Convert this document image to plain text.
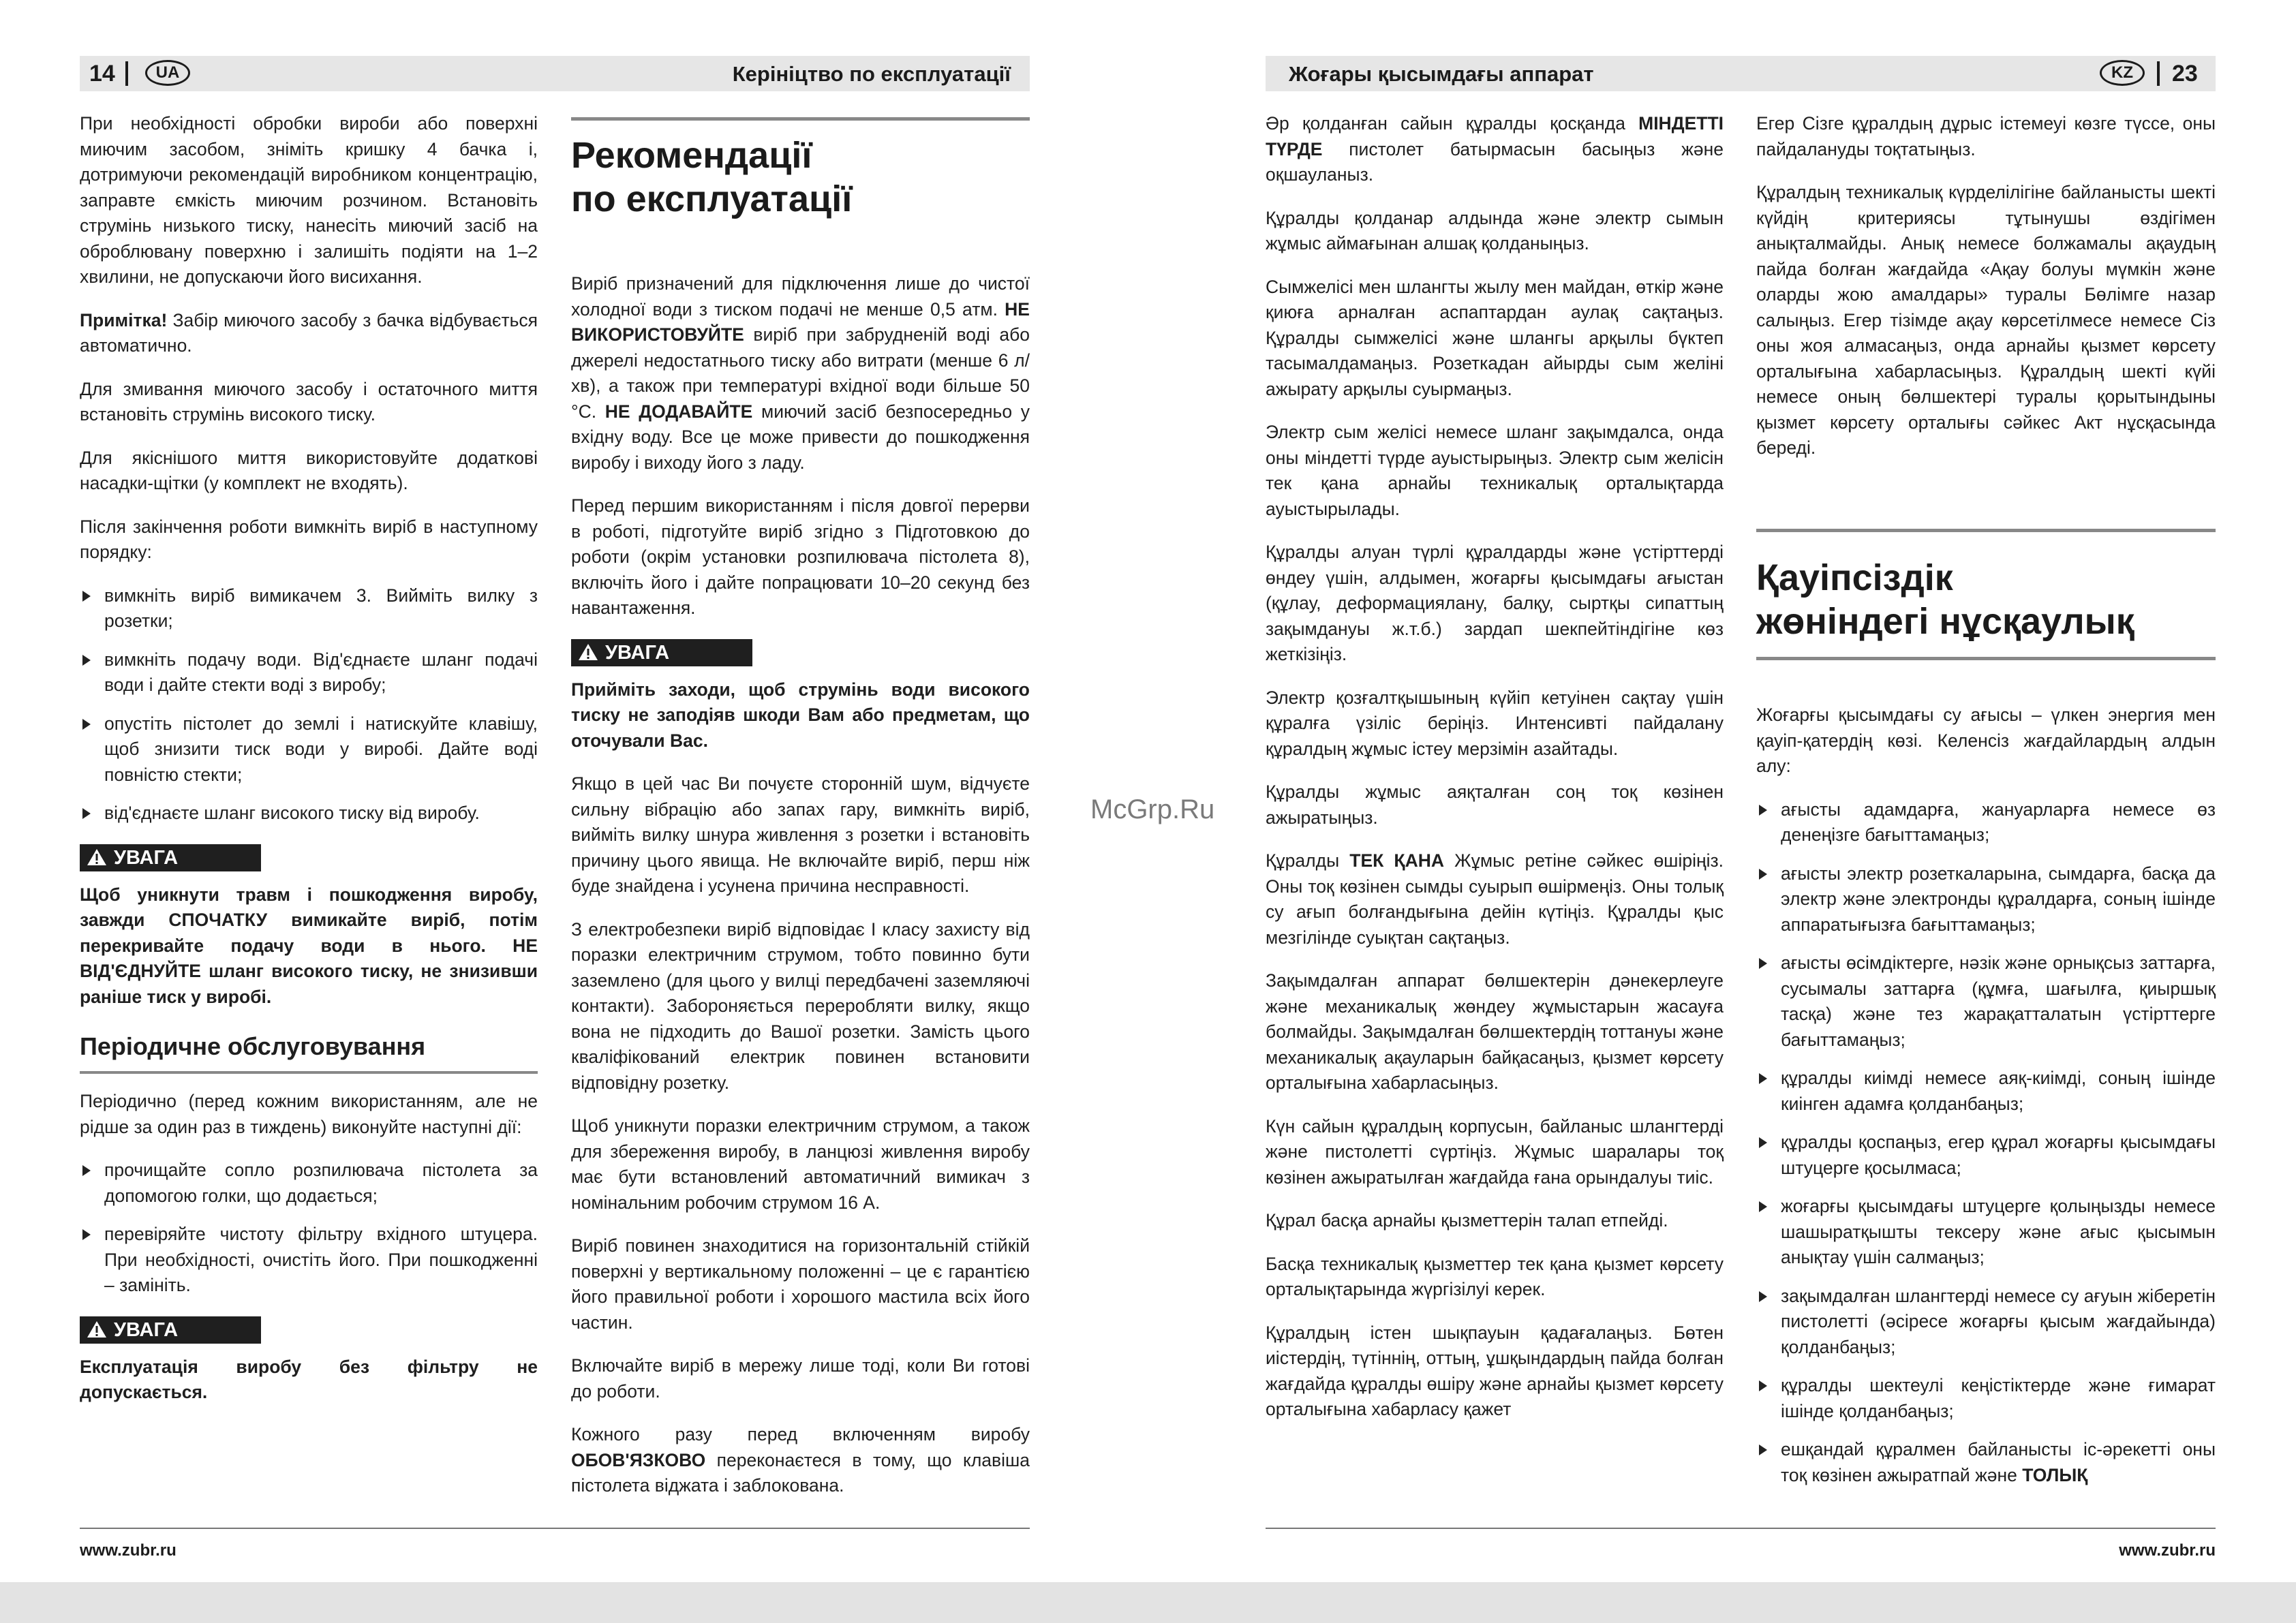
14	UA	Керініцтво по експлуатації

При необхідності обробки вироби або поверхні миючим засобом, зніміть кришку 4 бачка і, дотримуючи рекомендацій виробником концентрацію, заправте ємкість миючим розчином. Встановіть струмінь низького тиску, нанесіть миючий засіб на оброблювану поверхню і залишіть подіяти на 1–2 хвилини, не допускаючи його висихання.

Примітка! Забір миючого засобу з бачка відбувається автоматично.

Для змивання миючого засобу і остаточного миття встановіть струмінь високого тиску.

Для якіснішого миття використовуйте додаткові насадки-щітки (у комплект не входять).

Після закінчення роботи вимкніть виріб в наступному порядку:

вимкніть виріб вимикачем 3. Вийміть вилку з розетки;
вимкніть подачу води. Від'єднаєте шланг подачі води і дайте стекти воді з виробу;
опустіть пістолет до землі і натискуйте клавішу, щоб знизити тиск води у виробі. Дайте воді повністю стекти;
від'єднаєте шланг високого тиску від виробу.
УВАГА

Щоб уникнути травм і пошкодження виробу, завжди СПОЧАТКУ вимикайте виріб, потім перекривайте подачу води в нього. НЕ ВІД'ЄДНУЙТЕ шланг високого тиску, не знизивши раніше тиск у виробі.

Періодичне обслуговування

Періодично (перед кожним використанням, але не рідше за один раз в тиждень) виконуйте наступні дії:

прочищайте сопло розпилювача пістолета за допомогою голки, що додається;
перевіряйте чистоту фільтру вхідного штуцера. При необхідності, очистіть його. При пошкодженні – замініть.
УВАГА

Експлуатація виробу без фільтру не допускається.

Рекомендації
по експлуатації

Виріб призначений для підключення лише до чистої холодної води з тиском подачі не менше 0,5 атм. НЕ ВИКОРИСТОВУЙТЕ виріб при забрудненій воді або джерелі недостатнього тиску або витрати (менше 6 л/хв), а також при температурі вхідної води більше 50 °С. НЕ ДОДАВАЙТЕ миючий засіб безпосередньо у вхідну воду. Все це може привести до пошкодження виробу і виходу його з ладу.

Перед першим використанням і після довгої перерви в роботі, підготуйте виріб згідно з Підготовкою до роботи (окрім установки розпилювача пістолета 8), включіть його і дайте попрацювати 10–20 секунд без навантаження.

УВАГА

Прийміть заходи, щоб струмінь води високого тиску не заподіяв шкоди Вам або предметам, що оточували Вас.

Якщо в цей час Ви почуєте сторонній шум, відчуєте сильну вібрацію або запах гару, вимкніть виріб, вийміть вилку шнура живлення з розетки і встановіть причину цього явища. Не включайте виріб, перш ніж буде знайдена і усунена причина несправності.

З електробезпеки виріб відповідає I класу захисту від поразки електричним струмом, тобто повинно бути заземлено (для цього у вилці передбачені заземляючі контакти). Забороняється переробляти вилку, якщо вона не підходить до Вашої розетки. Замість цього кваліфікований електрик повинен встановити відповідну розетку.

Щоб уникнути поразки електричним струмом, а також для збереження виробу, в ланцюзі живлення виробу має бути встановлений автоматичний вимикач з номінальним робочим струмом 16 А.

Виріб повинен знаходитися на горизонтальній стійкій поверхні у вертикальному положенні – це є гарантією його правильної роботи і хорошого мастила всіх його частин.

Включайте виріб в мережу лише тоді, коли Ви готові до роботи.

Кожного разу перед включенням виробу ОБОВ'ЯЗКОВО переконаєтеся в тому, що клавіша пістолета віджата і заблокована.

www.zubr.ru
McGrp.Ru
Жоғары қысымдағы аппарат	KZ	23

Әр қолданған сайын құралды қосқанда МІНДЕТТІ ТҮРДЕ пистолет батырмасын басыңыз және оқшауланыз.

Құралды қолданар алдында және электр сымын жұмыс аймағынан алшақ қолданыңыз.

Сымжелісі мен шлангты жылу мен майдан, өткір және қиюға арналған аспаптардан аулақ сақтаңыз. Құралды сымжелісі және шлангы арқылы бүктеп тасымалдамаңыз. Розеткадан айырды сым желіні ажырату арқылы суырмаңыз.

Электр сым желісі немесе шланг зақымдалса, онда оны міндетті түрде ауыстырыңыз. Электр сым желісін тек қана арнайы техникалық орталықтарда ауыстырылады.

Құралды алуан түрлі құралдарды және үстірттерді өндеу үшін, алдымен, жоғарғы қысымдағы ағыстан (құлау, деформациялану, балқу, сыртқы сипаттың зақымдануы ж.т.б.) зардап шекпейтіндігіне көз жеткізіңіз.

Электр қозғалтқышының күйіп кетуінен сақтау үшін құралға үзіліс беріңіз. Интенсивті пайдалану құралдың жұмыс істеу мерзімін азайтады.

Құралды жұмыс аяқталған соң тоқ көзінен ажыратыңыз.

Құралды ТЕК ҚАНА Жұмыс ретіне сәйкес өшіріңіз. Оны тоқ көзінен сымды суырып өшірмеңіз. Оны толық су ағып болғандығына дейін күтіңіз. Құралды қыс мезгілінде суықтан сақтаңыз.

Зақымдалған аппарат бөлшектерін дәнекерлеуге және механикалық жөндеу жұмыстарын жасауға болмайды. Зақымдалған бөлшектердің тоттануы және механикалық ақауларын байқасаңыз, қызмет көрсету орталығына хабарласыңыз.

Күн сайын құралдың корпусын, байланыс шлангтерді және пистолетті сүртіңіз. Жұмыс шаралары тоқ көзінен ажыратылған жағдайда ғана орындалуы тиіс.

Құрал басқа арнайы қызметтерін талап етпейді.

Басқа техникалық қызметтер тек қана қызмет көрсету орталықтарында жүргізілуі керек.

Құралдың істен шықпауын қадағалаңыз. Бөтен иістердің, түтіннің, оттың, ұшқындардың пайда болған жағдайда құралды өшіру және арнайы қызмет көрсету орталығына хабарласу қажет

Егер Сізге құралдың дұрыс істемеуі көзге түссе, оны пайдалануды тоқтатыңыз.

Құралдың техникалық күрделілігіне байланысты шекті күйдің критериясы тұтынушы өздігімен анықталмайды. Анық немесе болжамалы ақаудың пайда болған жағдайда «Ақау болуы мүмкін және оларды жою амалдары» туралы Бөлімге назар салыңыз. Егер тізімде ақау көрсетілмесе немесе Сіз оны жоя алмасаңыз, онда арнайы қызмет көрсету орталығына хабарласыңыз. Құралдың шекті күйі немесе оның бөлшектері туралы қорытындыны қызмет көрсету орталығы сәйкес Акт нұсқасында береді.

Қауіпсіздік
жөніндегі нұсқаулық

Жоғарғы қысымдағы су ағысы – үлкен энергия мен қауіп-қатердің көзі. Келенсіз жағдайлардың алдын алу:

ағысты адамдарға, жануарларға немесе өз денеңізге бағыттамаңыз;
ағысты электр розеткаларына, сымдарға, басқа да электр және электронды құралдарға, соның ішінде аппаратығызға бағыттамаңыз;
ағысты өсімдіктерге, нәзік және орнықсыз заттарға, сусымалы заттарға (құмға, шағылға, қиыршық тасқа) және тез жарақатталатын үстірттерге бағыттамаңыз;
құралды киімді немесе аяқ-киімді, соның ішінде киінген адамға қолданбаңыз;
құралды қоспаңыз, егер құрал жоғарғы қысымдағы штуцерге қосылмаса;
жоғарғы қысымдағы штуцерге қолыңызды немесе шашыратқышты тексеру және ағыс қысымын анықтау үшін салмаңыз;
зақымдалған шлангтерді немесе су ағуын жіберетін пистолетті (әсіресе жоғарғы қысым жағдайында) қолданбаңыз;
құралды шектеулі кеңістіктерде және ғимарат ішінде қолданбаңыз;
ешқандай құралмен байланысты іс-әрекетті оны тоқ көзінен ажыратпай және ТОЛЫҚ
www.zubr.ru
